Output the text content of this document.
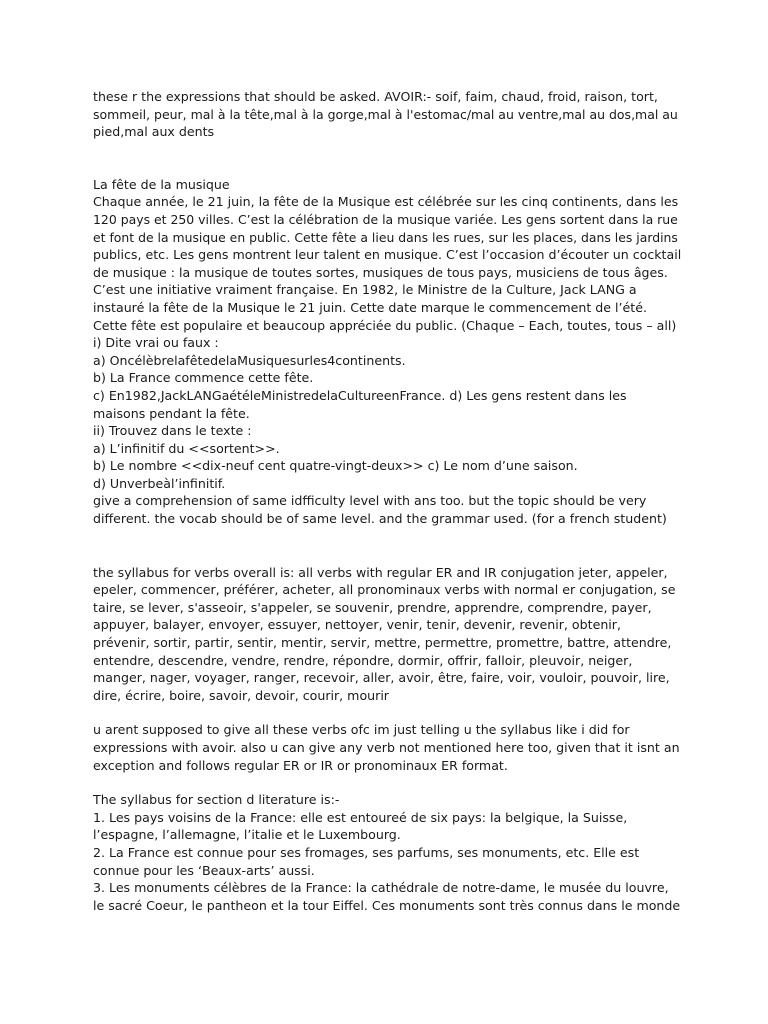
these r the expressions that should be asked. AVOIR:- soif, faim, chaud, froid, raison, tort,
sommeil, peur, mal à la tête,mal à la gorge,mal à l'estomac/mal au ventre,mal au dos,mal au
pied,mal aux dents
La fête de la musique
Chaque année, le 21 juin, la fête de la Musique est célébrée sur les cinq continents, dans les
120 pays et 250 villes. C’est la célébration de la musique variée. Les gens sortent dans la rue
et font de la musique en public. Cette fête a lieu dans les rues, sur les places, dans les jardins
publics, etc. Les gens montrent leur talent en musique. C’est l’occasion d’écouter un cocktail
de musique : la musique de toutes sortes, musiques de tous pays, musiciens de tous âges.
C’est une initiative vraiment française. En 1982, le Ministre de la Culture, Jack LANG a
instauré la fête de la Musique le 21 juin. Cette date marque le commencement de l’été.
Cette fête est populaire et beaucoup appréciée du public. (Chaque – Each, toutes, tous – all)
i) Dite vrai ou faux :
a) OncélèbrelafêtedelaMusiquesurles4continents.
b) La France commence cette fête.
c) En1982,JackLANGaétéleMinistredelaCultureenFrance. d) Les gens restent dans les
maisons pendant la fête.
ii) Trouvez dans le texte :
a) L’infinitif du <<sortent>>.
b) Le nombre <<dix-neuf cent quatre-vingt-deux>> c) Le nom d’une saison.
d) Unverbeàl’infinitif.
give a comprehension of same idfficulty level with ans too. but the topic should be very
different. the vocab should be of same level. and the grammar used. (for a french student)
the syllabus for verbs overall is: all verbs with regular ER and IR conjugation jeter, appeler,
epeler, commencer, préférer, acheter, all pronominaux verbs with normal er conjugation, se
taire, se lever, s'asseoir, s'appeler, se souvenir, prendre, apprendre, comprendre, payer,
appuyer, balayer, envoyer, essuyer, nettoyer, venir, tenir, devenir, revenir, obtenir,
prévenir, sortir, partir, sentir, mentir, servir, mettre, permettre, promettre, battre, attendre,
entendre, descendre, vendre, rendre, répondre, dormir, offrir, falloir, pleuvoir, neiger,
manger, nager, voyager, ranger, recevoir, aller, avoir, être, faire, voir, vouloir, pouvoir, lire,
dire, écrire, boire, savoir, devoir, courir, mourir
u arent supposed to give all these verbs ofc im just telling u the syllabus like i did for
expressions with avoir. also u can give any verb not mentioned here too, given that it isnt an
exception and follows regular ER or IR or pronominaux ER format.
The syllabus for section d literature is:-
1. Les pays voisins de la France: elle est entoureé de six pays: la belgique, la Suisse,
l’espagne, l’allemagne, l’italie et le Luxembourg.
2. La France est connue pour ses fromages, ses parfums, ses monuments, etc. Elle est
connue pour les ‘Beaux-arts’ aussi.
3. Les monuments célèbres de la France: la cathédrale de notre-dame, le musée du louvre,
le sacré Coeur, le pantheon et la tour Eiffel. Ces monuments sont très connus dans le monde
